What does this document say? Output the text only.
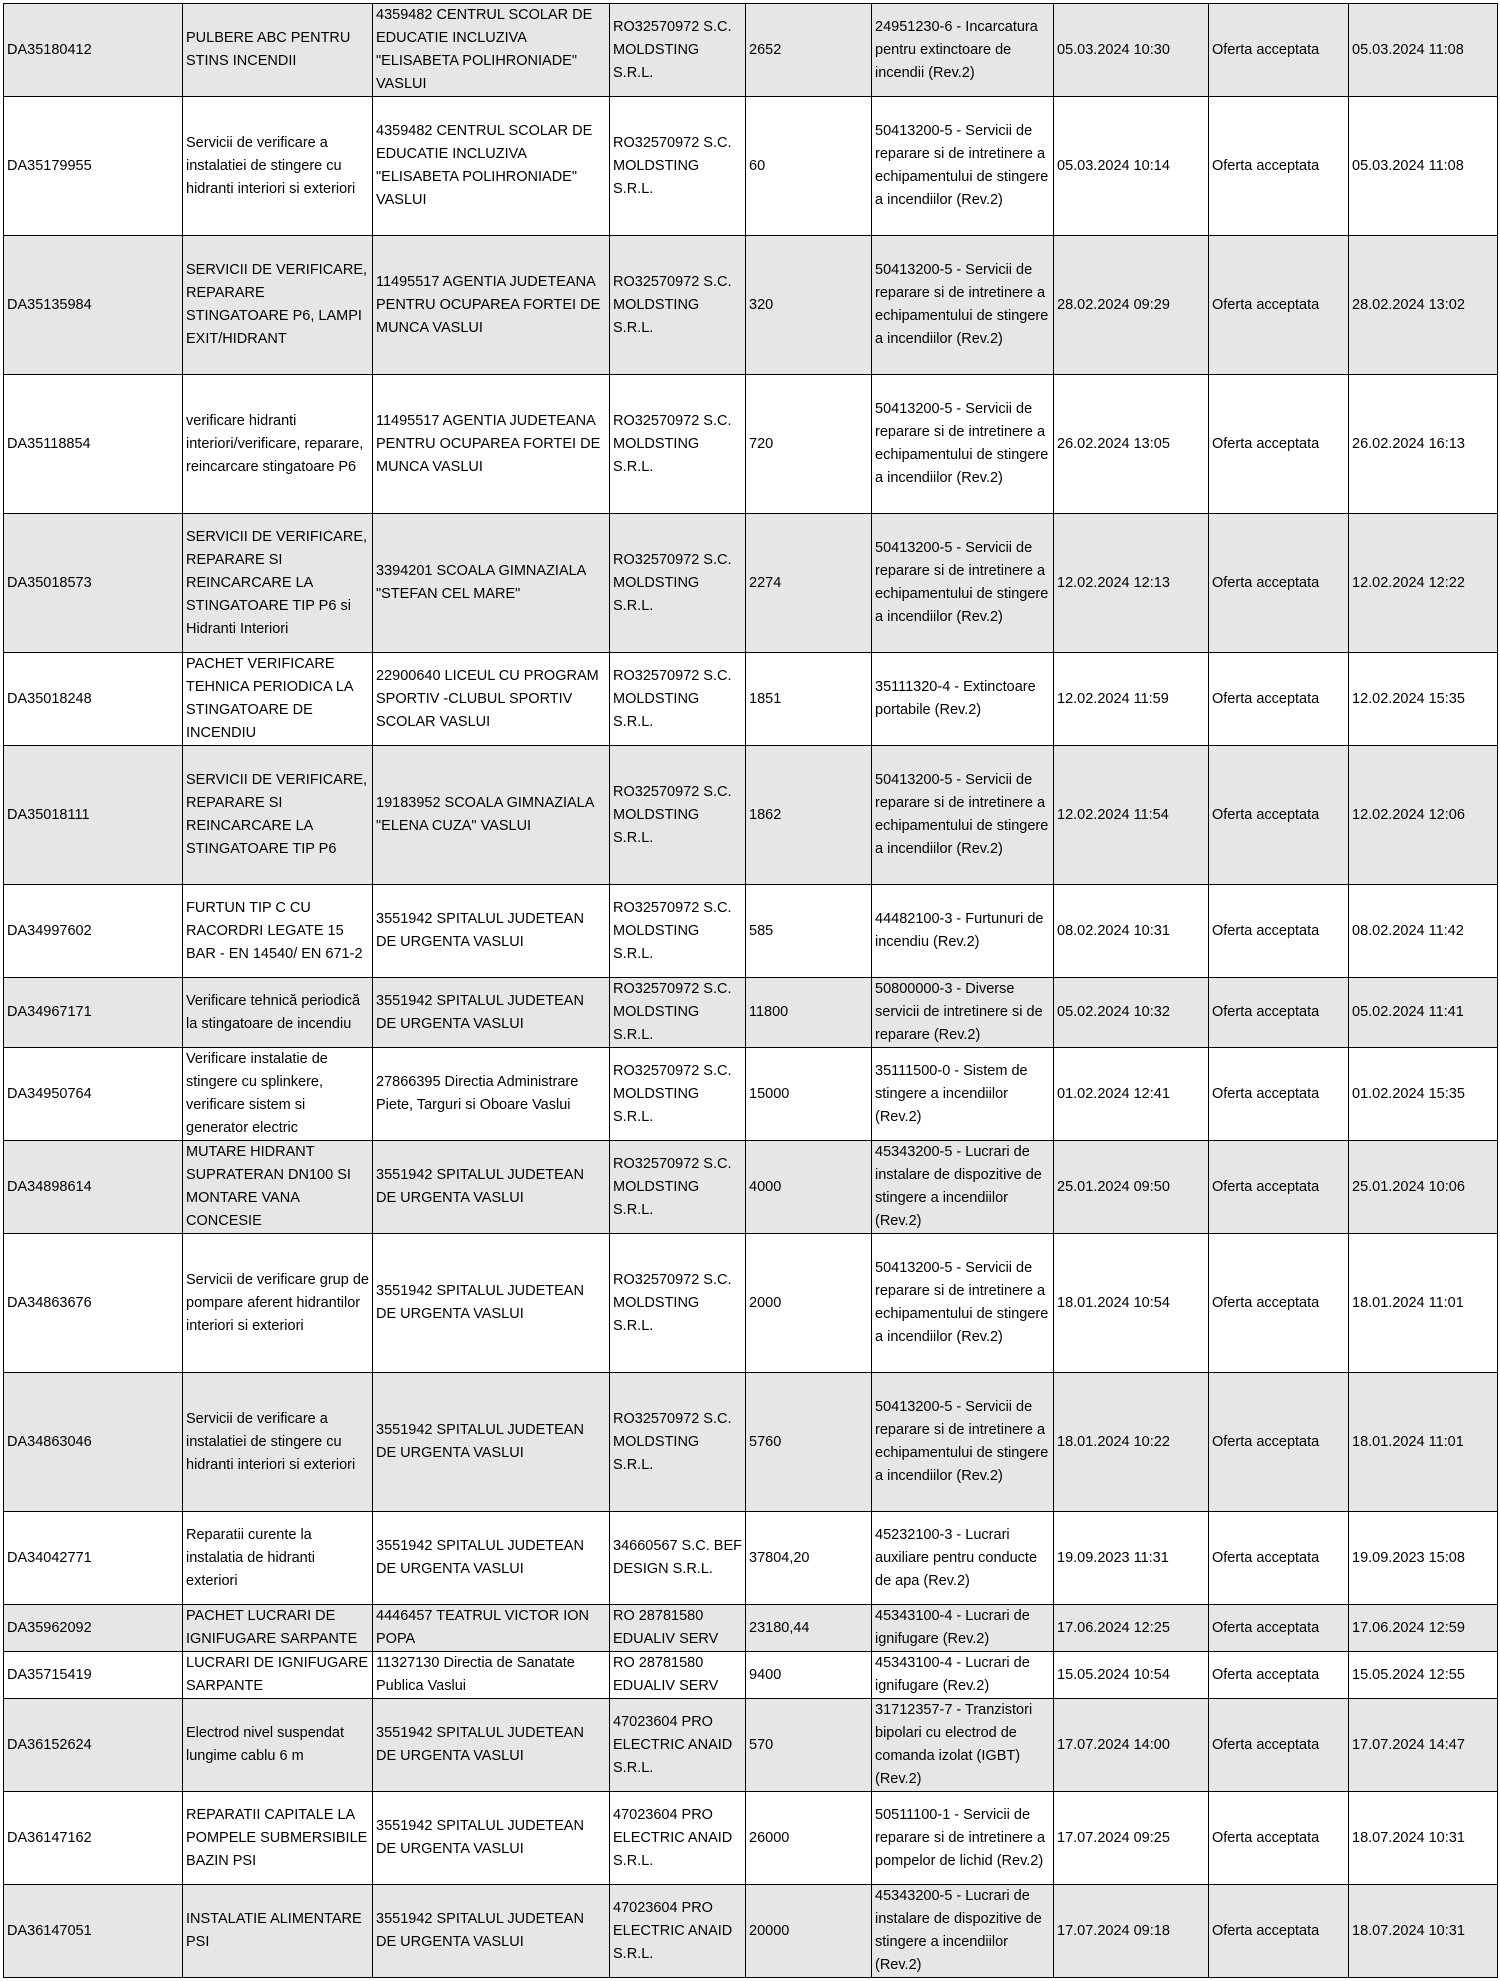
DA35180412	PULBERE ABC PENTRU STINS INCENDII	4359482 CENTRUL SCOLAR DE EDUCATIE INCLUZIVA "ELISABETA POLIHRONIADE" VASLUI	RO32570972 S.C. MOLDSTING S.R.L.	2652	24951230-6 - Incarcatura pentru extinctoare de incendii (Rev.2)	05.03.2024 10:30	Oferta acceptata	05.03.2024 11:08
DA35179955	Servicii de verificare a instalatiei de stingere cu hidranti interiori si exteriori	4359482 CENTRUL SCOLAR DE EDUCATIE INCLUZIVA "ELISABETA POLIHRONIADE" VASLUI	RO32570972 S.C. MOLDSTING S.R.L.	60	50413200-5 - Servicii de reparare si de intretinere a echipamentului de stingere a incendiilor (Rev.2)	05.03.2024 10:14	Oferta acceptata	05.03.2024 11:08
DA35135984	SERVICII DE VERIFICARE, REPARARE STINGATOARE P6, LAMPI EXIT/HIDRANT	11495517 AGENTIA JUDETEANA PENTRU OCUPAREA FORTEI DE MUNCA VASLUI	RO32570972 S.C. MOLDSTING S.R.L.	320	50413200-5 - Servicii de reparare si de intretinere a echipamentului de stingere a incendiilor (Rev.2)	28.02.2024 09:29	Oferta acceptata	28.02.2024 13:02
DA35118854	verificare hidranti interiori/verificare, reparare, reincarcare stingatoare P6	11495517 AGENTIA JUDETEANA PENTRU OCUPAREA FORTEI DE MUNCA VASLUI	RO32570972 S.C. MOLDSTING S.R.L.	720	50413200-5 - Servicii de reparare si de intretinere a echipamentului de stingere a incendiilor (Rev.2)	26.02.2024 13:05	Oferta acceptata	26.02.2024 16:13
DA35018573	SERVICII DE VERIFICARE, REPARARE SI REINCARCARE LA STINGATOARE TIP P6 si Hidranti Interiori	3394201 SCOALA GIMNAZIALA "STEFAN CEL MARE"	RO32570972 S.C. MOLDSTING S.R.L.	2274	50413200-5 - Servicii de reparare si de intretinere a echipamentului de stingere a incendiilor (Rev.2)	12.02.2024 12:13	Oferta acceptata	12.02.2024 12:22
DA35018248	PACHET VERIFICARE TEHNICA PERIODICA LA STINGATOARE DE INCENDIU	22900640 LICEUL CU PROGRAM SPORTIV -CLUBUL SPORTIV SCOLAR VASLUI	RO32570972 S.C. MOLDSTING S.R.L.	1851	35111320-4 - Extinctoare portabile (Rev.2)	12.02.2024 11:59	Oferta acceptata	12.02.2024 15:35
DA35018111	SERVICII DE VERIFICARE, REPARARE SI REINCARCARE LA STINGATOARE TIP P6	19183952 SCOALA GIMNAZIALA "ELENA CUZA" VASLUI	RO32570972 S.C. MOLDSTING S.R.L.	1862	50413200-5 - Servicii de reparare si de intretinere a echipamentului de stingere a incendiilor (Rev.2)	12.02.2024 11:54	Oferta acceptata	12.02.2024 12:06
DA34997602	FURTUN TIP C CU RACORDRI LEGATE 15 BAR - EN 14540/ EN 671-2	3551942 SPITALUL JUDETEAN DE URGENTA VASLUI	RO32570972 S.C. MOLDSTING S.R.L.	585	44482100-3 - Furtunuri de incendiu (Rev.2)	08.02.2024 10:31	Oferta acceptata	08.02.2024 11:42
DA34967171	Verificare tehnică periodică la stingatoare de incendiu	3551942 SPITALUL JUDETEAN DE URGENTA VASLUI	RO32570972 S.C. MOLDSTING S.R.L.	11800	50800000-3 - Diverse servicii de intretinere si de reparare (Rev.2)	05.02.2024 10:32	Oferta acceptata	05.02.2024 11:41
DA34950764	Verificare instalatie de stingere cu splinkere, verificare sistem si generator electric	27866395 Directia Administrare Piete, Targuri si Oboare Vaslui	RO32570972 S.C. MOLDSTING S.R.L.	15000	35111500-0 - Sistem de stingere a incendiilor (Rev.2)	01.02.2024 12:41	Oferta acceptata	01.02.2024 15:35
DA34898614	MUTARE HIDRANT SUPRATERAN DN100 SI MONTARE VANA CONCESIE	3551942 SPITALUL JUDETEAN DE URGENTA VASLUI	RO32570972 S.C. MOLDSTING S.R.L.	4000	45343200-5 - Lucrari de instalare de dispozitive de stingere a incendiilor (Rev.2)	25.01.2024 09:50	Oferta acceptata	25.01.2024 10:06
DA34863676	Servicii de verificare grup de pompare aferent hidrantilor interiori si exteriori	3551942 SPITALUL JUDETEAN DE URGENTA VASLUI	RO32570972 S.C. MOLDSTING S.R.L.	2000	50413200-5 - Servicii de reparare si de intretinere a echipamentului de stingere a incendiilor (Rev.2)	18.01.2024 10:54	Oferta acceptata	18.01.2024 11:01
DA34863046	Servicii de verificare a instalatiei de stingere cu hidranti interiori si exteriori	3551942 SPITALUL JUDETEAN DE URGENTA VASLUI	RO32570972 S.C. MOLDSTING S.R.L.	5760	50413200-5 - Servicii de reparare si de intretinere a echipamentului de stingere a incendiilor (Rev.2)	18.01.2024 10:22	Oferta acceptata	18.01.2024 11:01
DA34042771	Reparatii curente la instalatia de hidranti exteriori	3551942 SPITALUL JUDETEAN DE URGENTA VASLUI	34660567 S.C. BEF DESIGN S.R.L.	37804,20	45232100-3 - Lucrari auxiliare pentru conducte de apa (Rev.2)	19.09.2023 11:31	Oferta acceptata	19.09.2023 15:08
DA35962092	PACHET LUCRARI DE IGNIFUGARE SARPANTE	4446457 TEATRUL VICTOR ION POPA	RO 28781580 EDUALIV SERV	23180,44	45343100-4 - Lucrari de ignifugare (Rev.2)	17.06.2024 12:25	Oferta acceptata	17.06.2024 12:59
DA35715419	LUCRARI DE IGNIFUGARE SARPANTE	11327130 Directia de Sanatate Publica Vaslui	RO 28781580 EDUALIV SERV	9400	45343100-4 - Lucrari de ignifugare (Rev.2)	15.05.2024 10:54	Oferta acceptata	15.05.2024 12:55
DA36152624	Electrod nivel suspendat lungime cablu 6 m	3551942 SPITALUL JUDETEAN DE URGENTA VASLUI	47023604 PRO ELECTRIC ANAID S.R.L.	570	31712357-7 - Tranzistori bipolari cu electrod de comanda izolat (IGBT) (Rev.2)	17.07.2024 14:00	Oferta acceptata	17.07.2024 14:47
DA36147162	REPARATII CAPITALE LA POMPELE SUBMERSIBILE BAZIN PSI	3551942 SPITALUL JUDETEAN DE URGENTA VASLUI	47023604 PRO ELECTRIC ANAID S.R.L.	26000	50511100-1 - Servicii de reparare si de intretinere a pompelor de lichid (Rev.2)	17.07.2024 09:25	Oferta acceptata	18.07.2024 10:31
DA36147051	INSTALATIE ALIMENTARE PSI	3551942 SPITALUL JUDETEAN DE URGENTA VASLUI	47023604 PRO ELECTRIC ANAID S.R.L.	20000	45343200-5 - Lucrari de instalare de dispozitive de stingere a incendiilor (Rev.2)	17.07.2024 09:18	Oferta acceptata	18.07.2024 10:31
